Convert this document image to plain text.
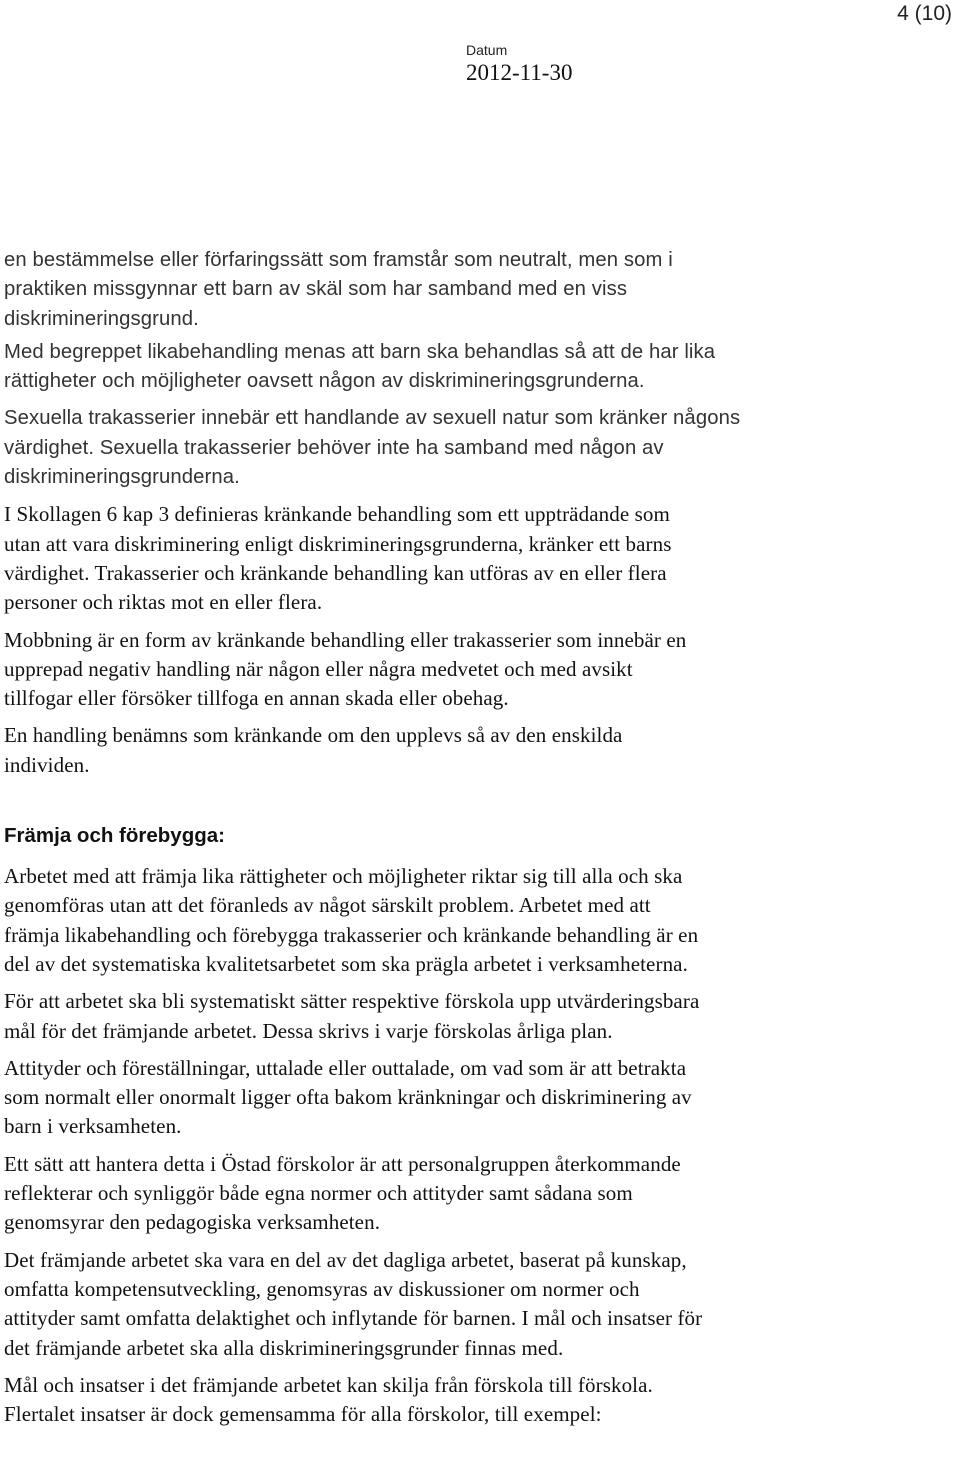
4 (10)
Datum
2012-11-30
en bestämmelse eller förfaringssätt som framstår som neutralt, men som i
praktiken missgynnar ett barn av skäl som har samband med en viss
diskrimineringsgrund.
Med begreppet likabehandling menas att barn ska behandlas så att de har lika
rättigheter och möjligheter oavsett någon av diskrimineringsgrunderna.
Sexuella trakasserier innebär ett handlande av sexuell natur som kränker någons
värdighet. Sexuella trakasserier behöver inte ha samband med någon av
diskrimineringsgrunderna.
I Skollagen 6 kap 3 definieras kränkande behandling som ett uppträdande som
utan att vara diskriminering enligt diskrimineringsgrunderna, kränker ett barns
värdighet. Trakasserier och kränkande behandling kan utföras av en eller flera
personer och riktas mot en eller flera.
Mobbning är en form av kränkande behandling eller trakasserier som innebär en
upprepad negativ handling när någon eller några medvetet och med avsikt
tillfogar eller försöker tillfoga en annan skada eller obehag.
En handling benämns som kränkande om den upplevs så av den enskilda
individen.
Främja och förebygga:
Arbetet med att främja lika rättigheter och möjligheter riktar sig till alla och ska
genomföras utan att det föranleds av något särskilt problem. Arbetet med att
främja likabehandling och förebygga trakasserier och kränkande behandling är en
del av det systematiska kvalitetsarbetet som ska prägla arbetet i verksamheterna.
För att arbetet ska bli systematiskt sätter respektive förskola upp utvärderingsbara
mål för det främjande arbetet. Dessa skrivs i varje förskolas årliga plan.
Attityder och föreställningar, uttalade eller outtalade, om vad som är att betrakta
som normalt eller onormalt ligger ofta bakom kränkningar och diskriminering av
barn i verksamheten.
Ett sätt att hantera detta i Östad förskolor är att personalgruppen återkommande
reflekterar och synliggör både egna normer och attityder samt sådana som
genomsyrar den pedagogiska verksamheten.
Det främjande arbetet ska vara en del av det dagliga arbetet, baserat på kunskap,
omfatta kompetensutveckling, genomsyras av diskussioner om normer och
attityder samt omfatta delaktighet och inflytande för barnen. I mål och insatser för
det främjande arbetet ska alla diskrimineringsgrunder finnas med.
Mål och insatser i det främjande arbetet kan skilja från förskola till förskola.
Flertalet insatser är dock gemensamma för alla förskolor, till exempel:
